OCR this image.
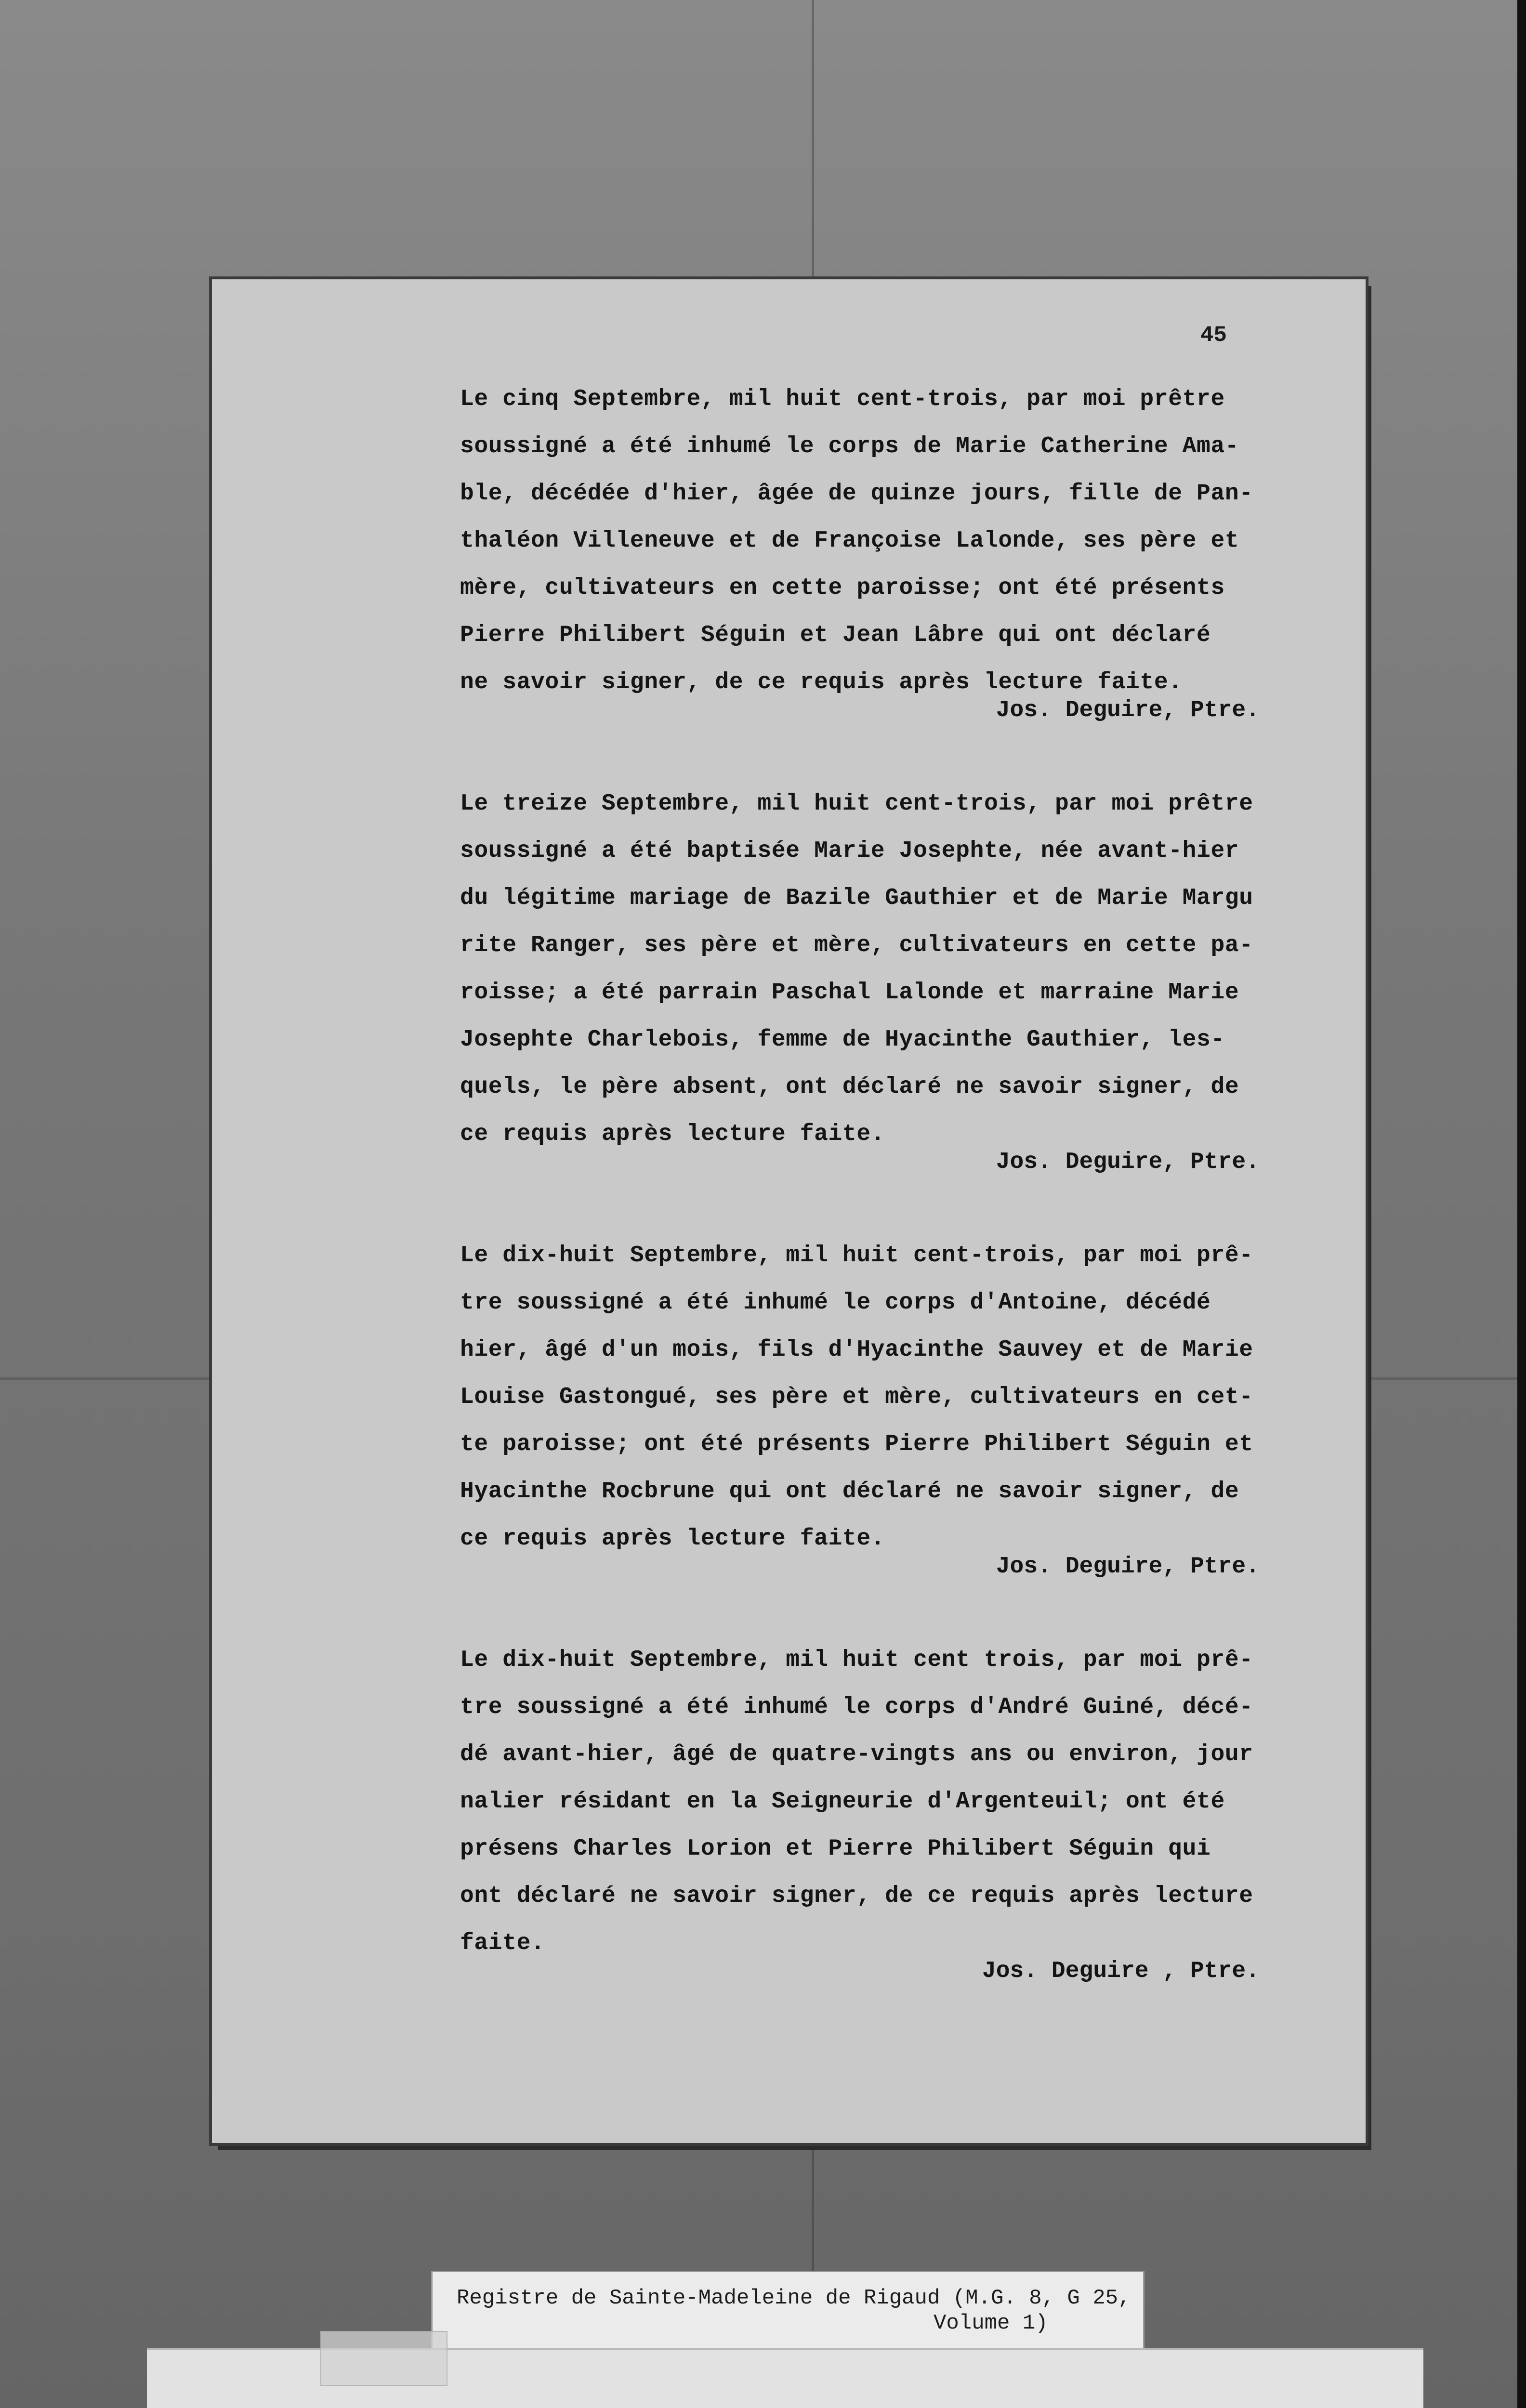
45
Le cinq Septembre, mil huit cent-trois, par moi prêtre
soussigné a été inhumé le corps de Marie Catherine Ama-
ble, décédée d'hier, âgée de quinze jours, fille de Pan-
thaléon Villeneuve et de Françoise Lalonde, ses père et
mère, cultivateurs en cette paroisse; ont été présents
Pierre Philibert Séguin et Jean Lâbre qui ont déclaré
ne savoir signer, de ce requis après lecture faite.
Jos. Deguire, Ptre.
Le treize Septembre, mil huit cent-trois, par moi prêtre
soussigné a été baptisée Marie Josephte, née avant-hier
du légitime mariage de Bazile Gauthier et de Marie Margu
rite Ranger, ses père et mère, cultivateurs en cette pa-
roisse; a été parrain Paschal Lalonde et marraine Marie
Josephte Charlebois, femme de Hyacinthe Gauthier, les-
quels, le père absent, ont déclaré ne savoir signer, de
ce requis après lecture faite.
Jos. Deguire, Ptre.
Le dix-huit Septembre, mil huit cent-trois, par moi prê-
tre soussigné a été inhumé le corps d'Antoine, décédé
hier, âgé d'un mois, fils d'Hyacinthe Sauvey et de Marie
Louise Gastongué, ses père et mère, cultivateurs en cet-
te paroisse; ont été présents Pierre Philibert Séguin et
Hyacinthe Rocbrune qui ont déclaré ne savoir signer, de
ce requis après lecture faite.
Jos. Deguire, Ptre.
Le dix-huit Septembre, mil huit cent trois, par moi prê-
tre soussigné a été inhumé le corps d'André Guiné, décé-
dé avant-hier, âgé de quatre-vingts ans ou environ, jour
nalier résidant en la Seigneurie d'Argenteuil; ont été
présens Charles Lorion et Pierre Philibert Séguin qui
ont déclaré ne savoir signer, de ce requis après lecture
faite.
Jos. Deguire , Ptre.
Registre de Sainte-Madeleine de Rigaud (M.G. 8, G 25,
Volume 1)
